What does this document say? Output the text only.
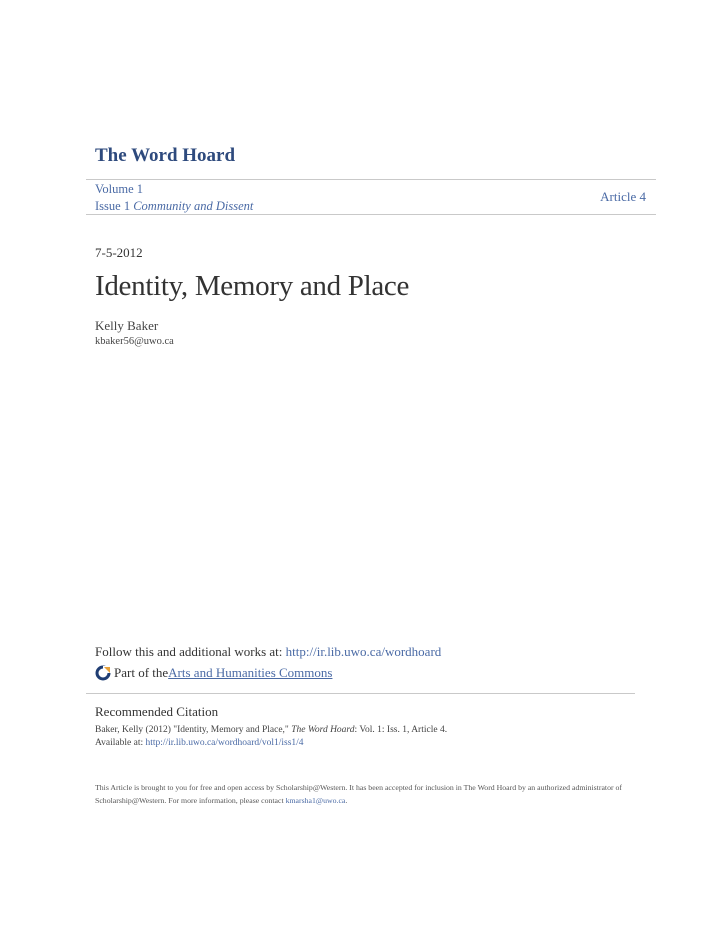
The Word Hoard
Volume 1
Issue 1 Community and Dissent
Article 4
7-5-2012
Identity, Memory and Place
Kelly Baker
kbaker56@uwo.ca
Follow this and additional works at: http://ir.lib.uwo.ca/wordhoard
Part of the Arts and Humanities Commons
Recommended Citation
Baker, Kelly (2012) "Identity, Memory and Place," The Word Hoard: Vol. 1: Iss. 1, Article 4.
Available at: http://ir.lib.uwo.ca/wordhoard/vol1/iss1/4
This Article is brought to you for free and open access by Scholarship@Western. It has been accepted for inclusion in The Word Hoard by an authorized administrator of Scholarship@Western. For more information, please contact kmarsha1@uwo.ca.
